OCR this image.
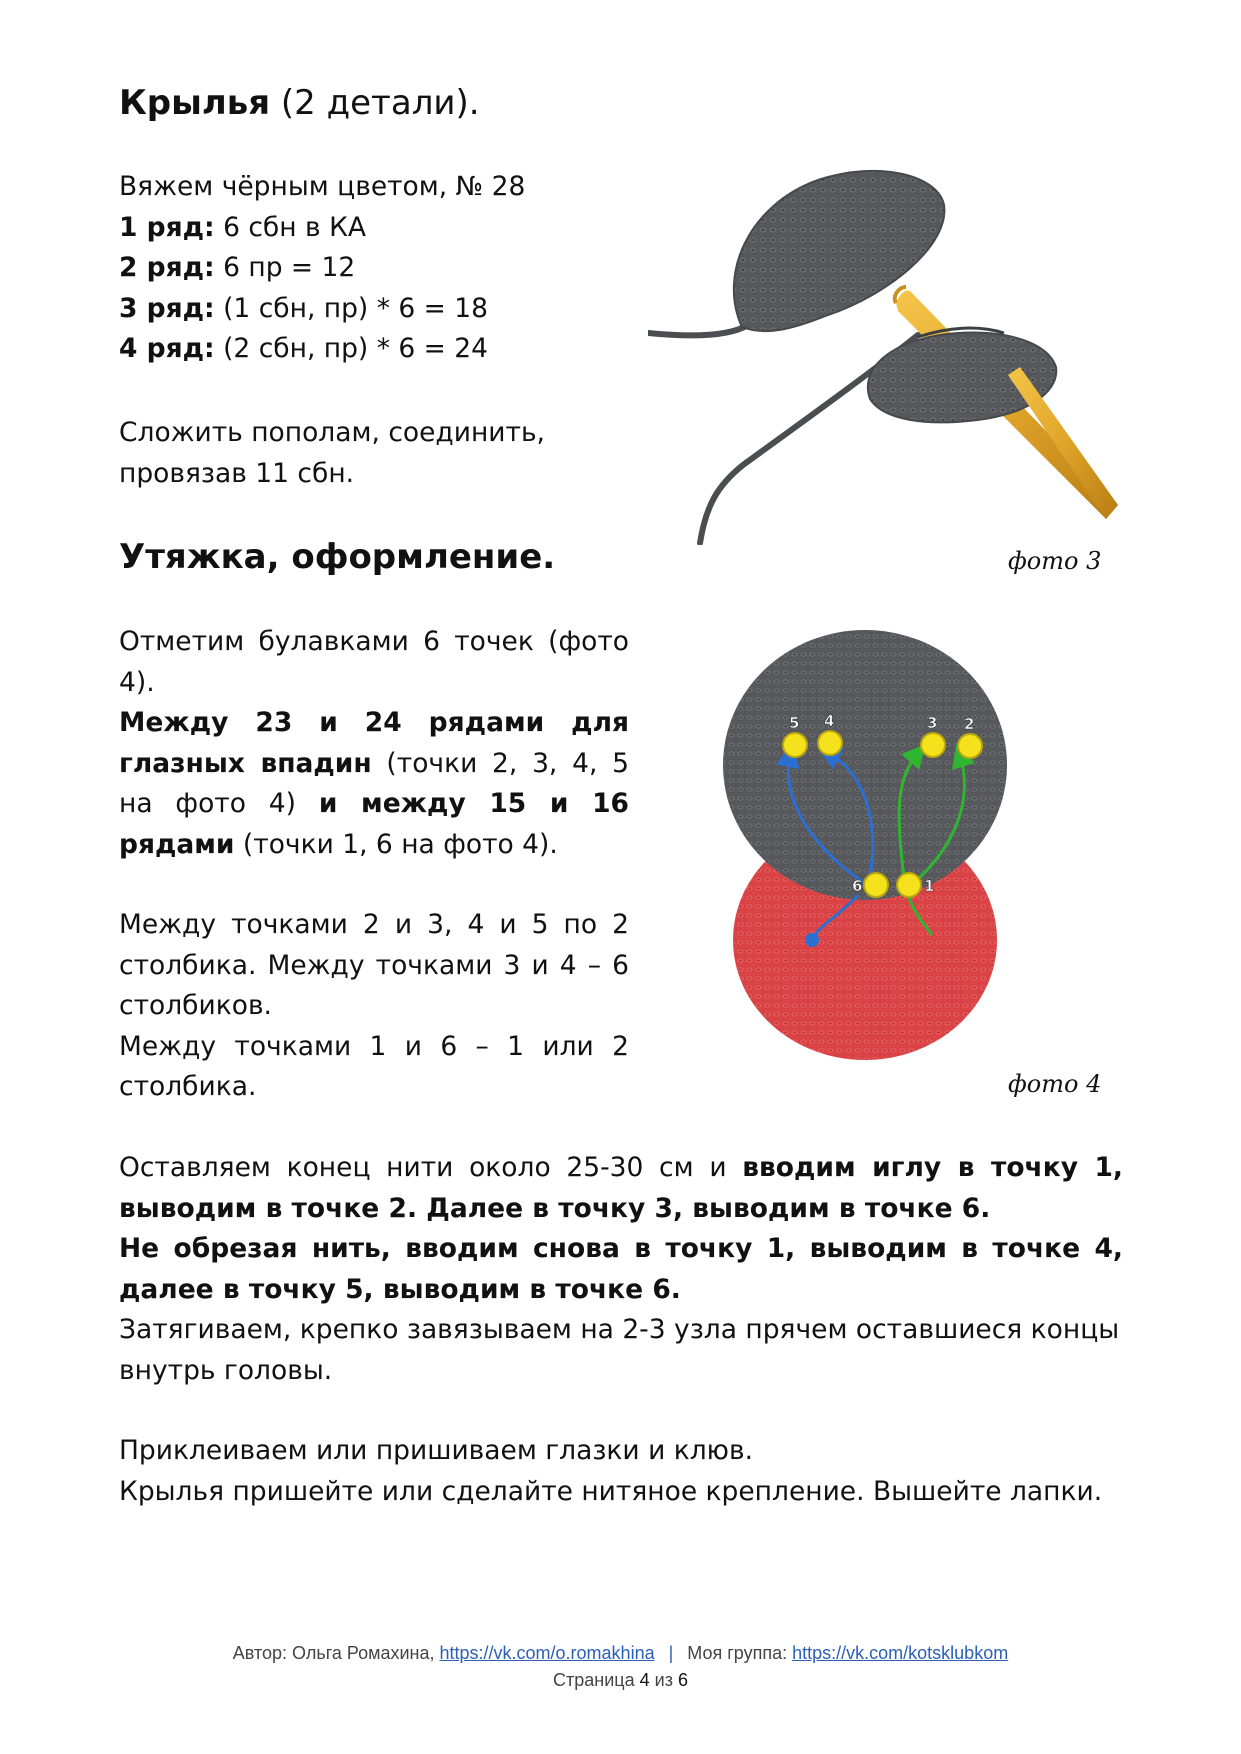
Крылья (2 детали).

Вяжем чёрным цветом, № 28

1 ряд: 6 сбн в КА

2 ряд: 6 пр = 12

3 ряд: (1 сбн, пр) * 6 = 18

4 ряд: (2 сбн, пр) * 6 = 24

Сложить пополам, соединить,

провязав 11 сбн.

фото 3
Утяжка, оформление.

Отметим булавками 6 точек (фото 4).

Между 23 и 24 рядами для глазных впадин (точки 2, 3, 4, 5 на фото 4) и между 15 и 16 рядами (точки 1, 6 на фото 4).

Между точками 2 и 3, 4 и 5 по 2 столбика. Между точками 3 и 4 – 6 столбиков.

Между точками 1 и 6 – 1 или 2 столбика.

5 4	3 2
6	1
фото 4

Оставляем конец нити около 25-30 см и вводим иглу в точку 1, выводим в точке 2. Далее в точку 3, выводим в точке 6.

Не обрезая нить, вводим снова в точку 1, выводим в точке 4, далее в точку 5, выводим в точке 6.

Затягиваем, крепко завязываем на 2-3 узла прячем оставшиеся концы внутрь головы.

Приклеиваем или пришиваем глазки и клюв.

Крылья пришейте или сделайте нитяное крепление. Вышейте лапки.

Автор: Ольга Ромахина, https://vk.com/o.romakhina | Моя группа: https://vk.com/kotsklubkom
Страница 4 из 6
